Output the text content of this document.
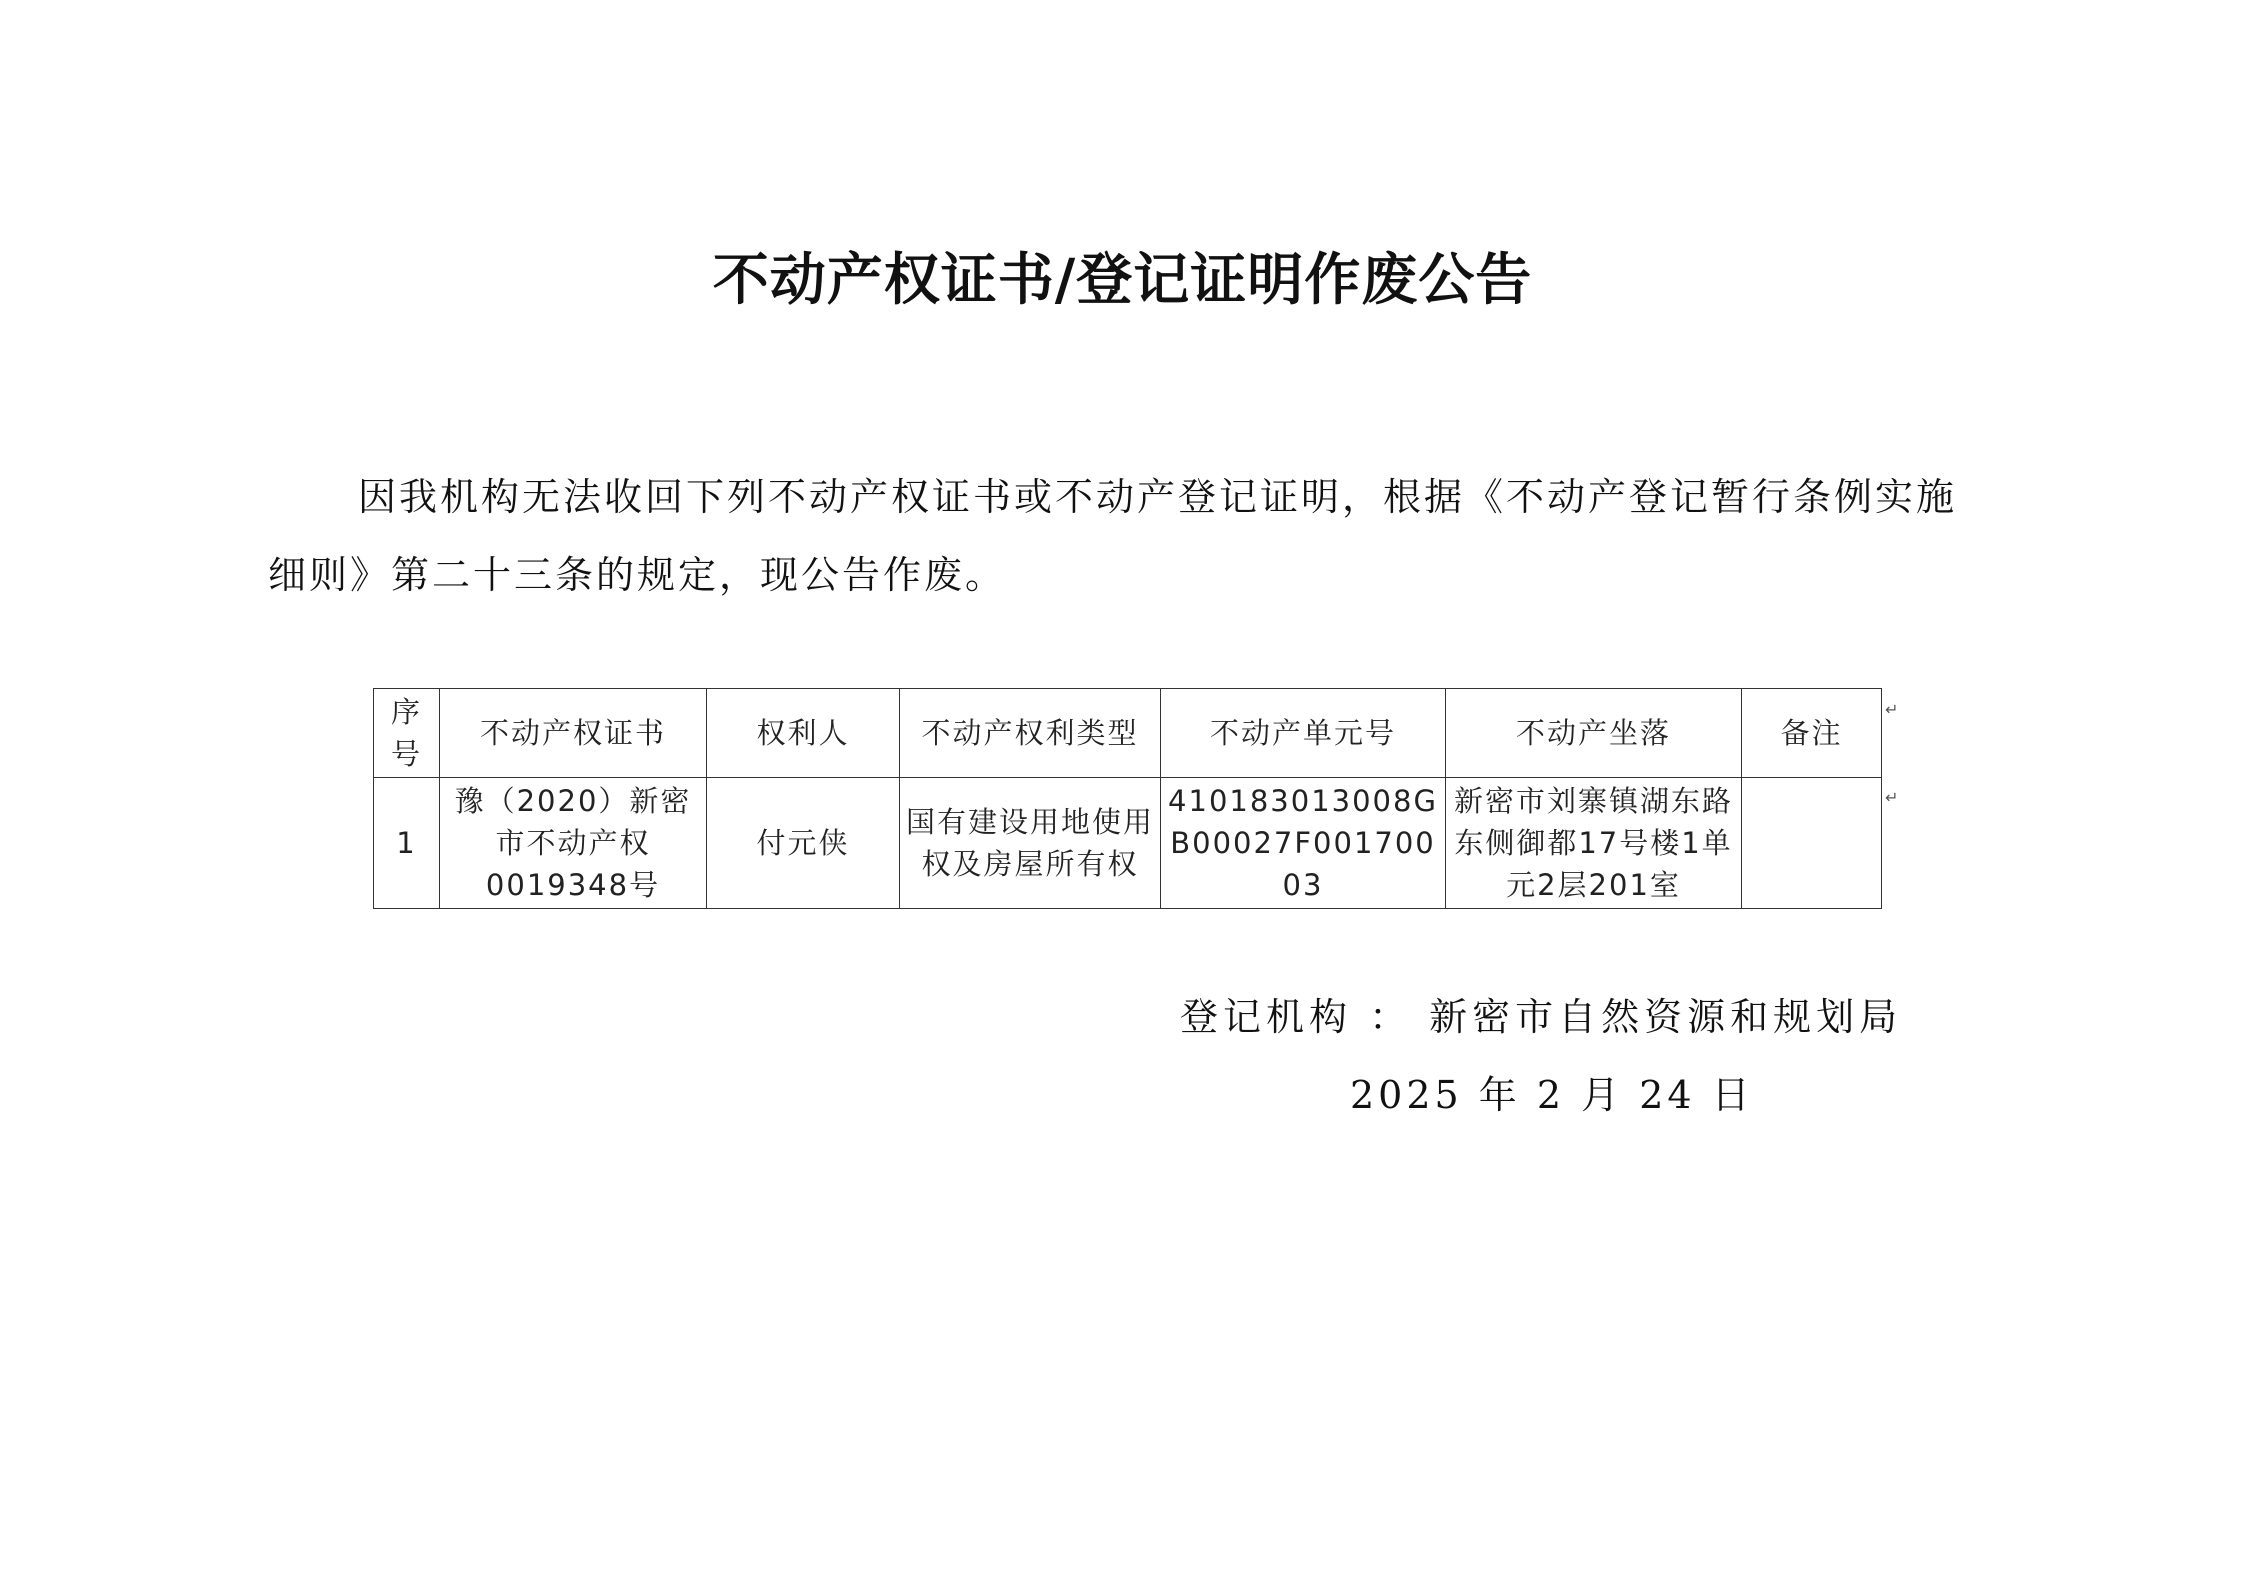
不动产权证书/登记证明作废公告
因我机构无法收回下列不动产权证书或不动产登记证明，根据《不动产登记暂行条例实施细则》第二十三条的规定，现公告作废。
序号	不动产权证书	权利人	不动产权利类型	不动产单元号	不动产坐落	备注
1	豫（2020）新密市不动产权0019348号	付元侠	国有建设用地使用权及房屋所有权	410183013008GB00027F00170003	新密市刘寨镇湖东路东侧御都17号楼1单元2层201室	
↵
↵
登记机构 ： 新密市自然资源和规划局
2025 年 2 月 24 日
